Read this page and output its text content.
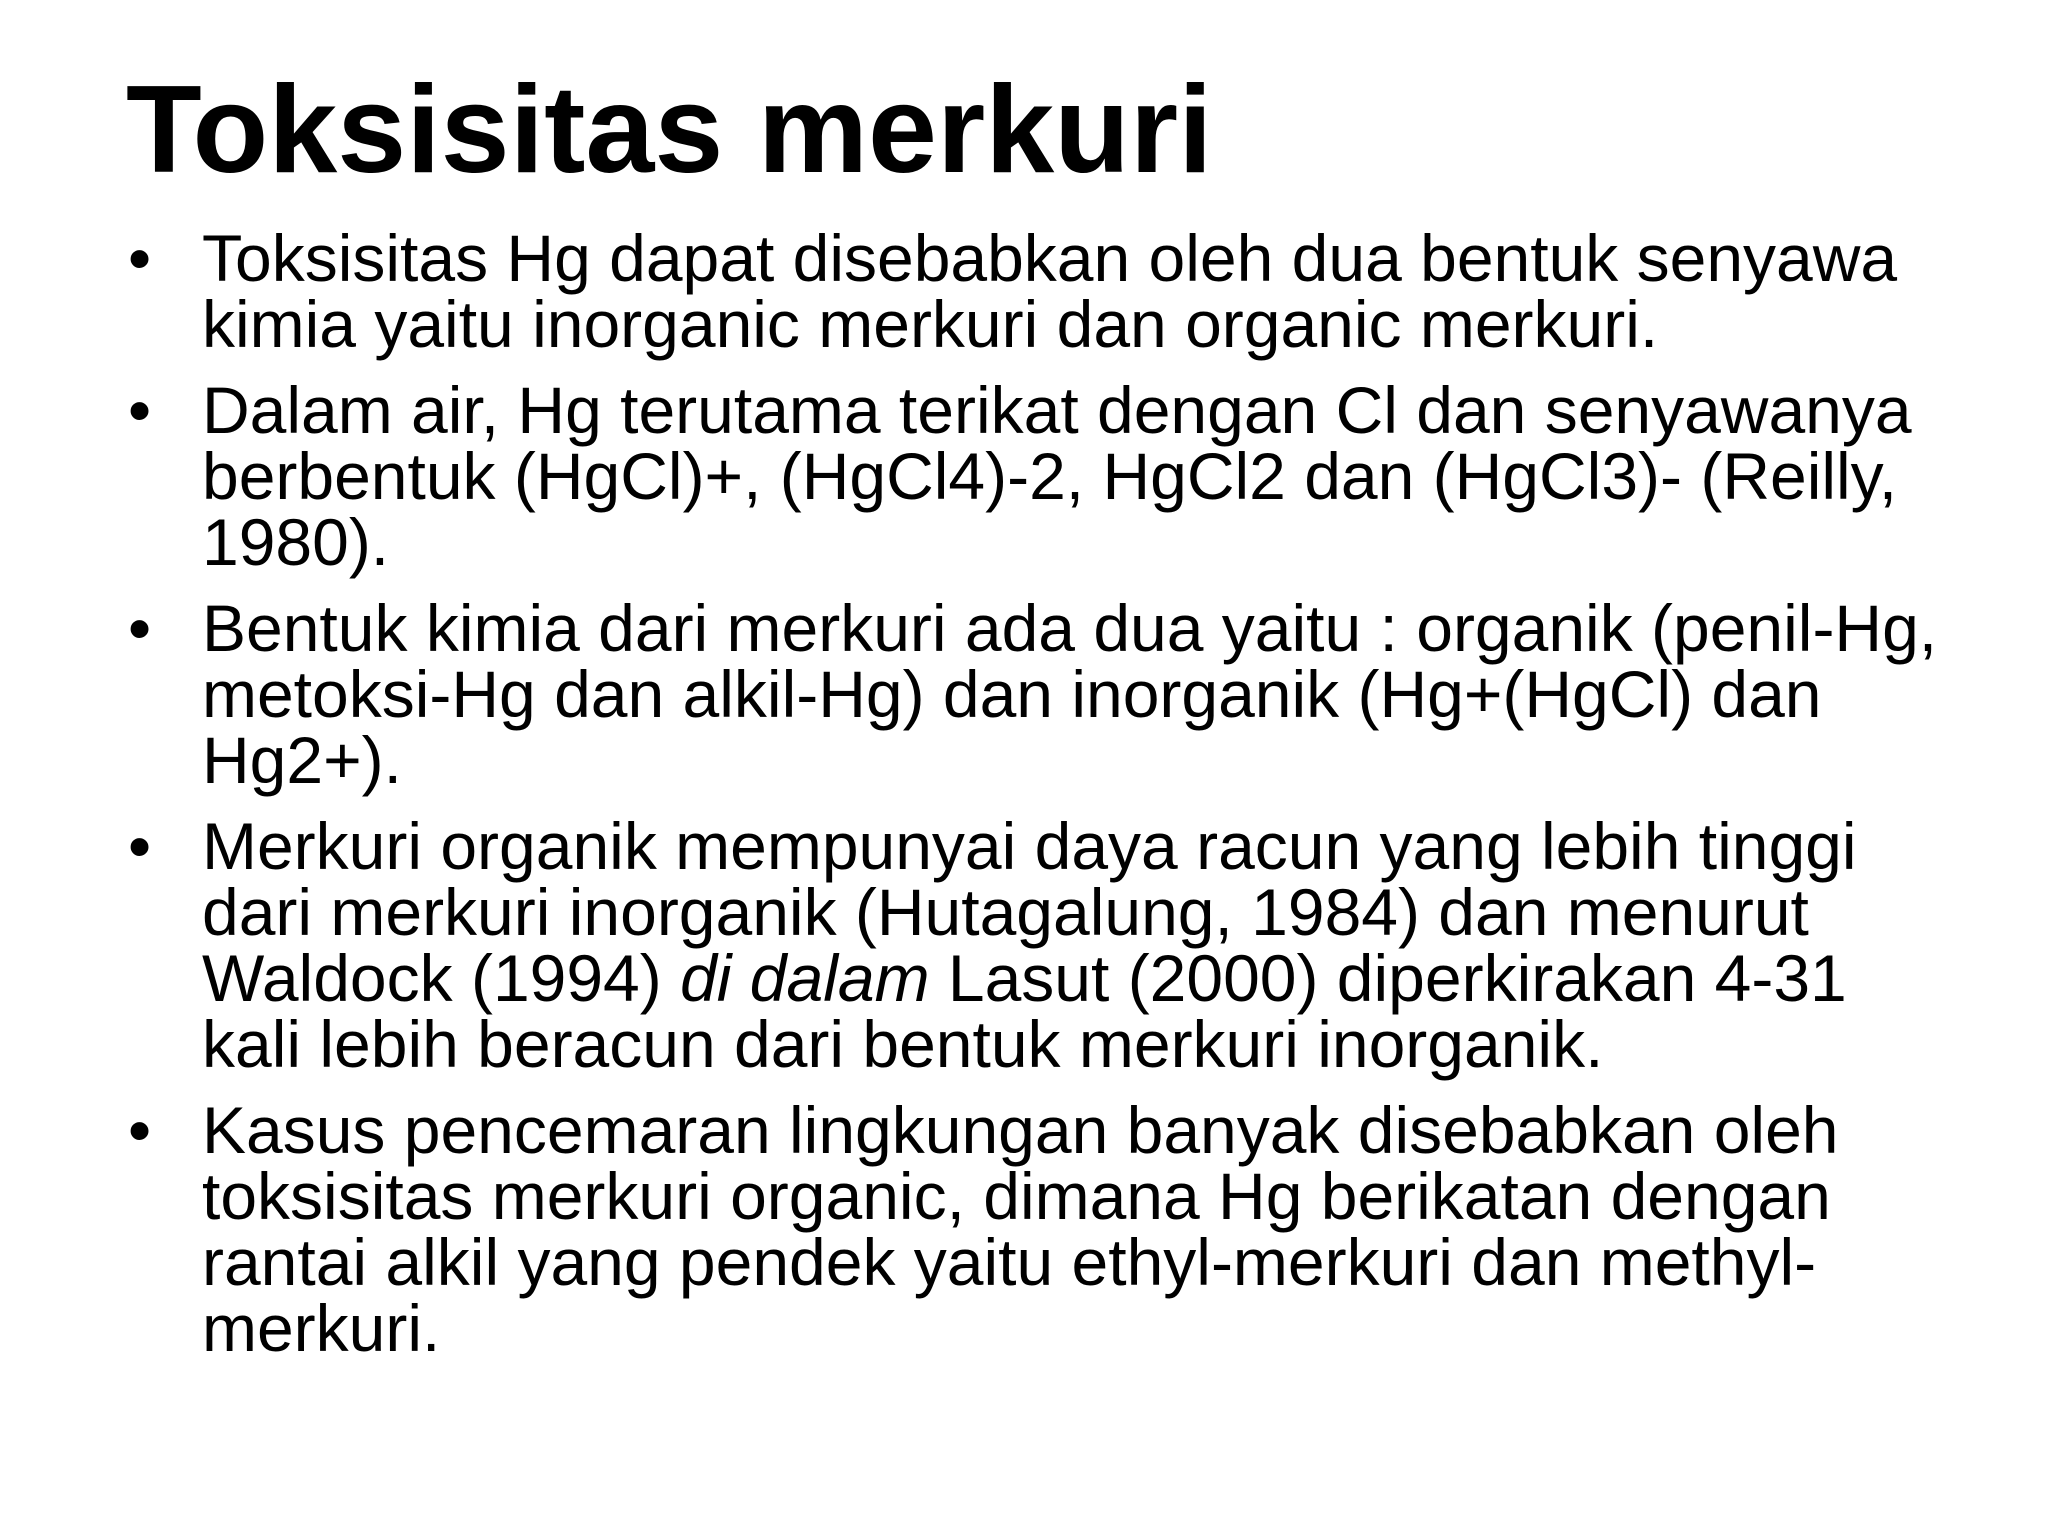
Toksisitas merkuri
• Toksisitas Hg dapat disebabkan oleh dua bentuk senyawa kimia yaitu inorganic merkuri dan organic merkuri.
• Dalam air, Hg terutama terikat dengan Cl dan senyawanya berbentuk (HgCl)+, (HgCl4)-2, HgCl2 dan (HgCl3)- (Reilly, 1980).
• Bentuk kimia dari merkuri ada dua yaitu : organik (penil-Hg, metoksi-Hg dan alkil-Hg) dan inorganik (Hg+(HgCl) dan Hg2+).
• Merkuri organik mempunyai daya racun yang lebih tinggi dari merkuri inorganik (Hutagalung, 1984) dan menurut Waldock (1994) di dalam Lasut (2000) diperkirakan 4-31 kali lebih beracun dari bentuk merkuri inorganik.
• Kasus pencemaran lingkungan banyak disebabkan oleh toksisitas merkuri organic, dimana Hg berikatan dengan rantai alkil yang pendek yaitu ethyl-merkuri dan methyl-merkuri.
